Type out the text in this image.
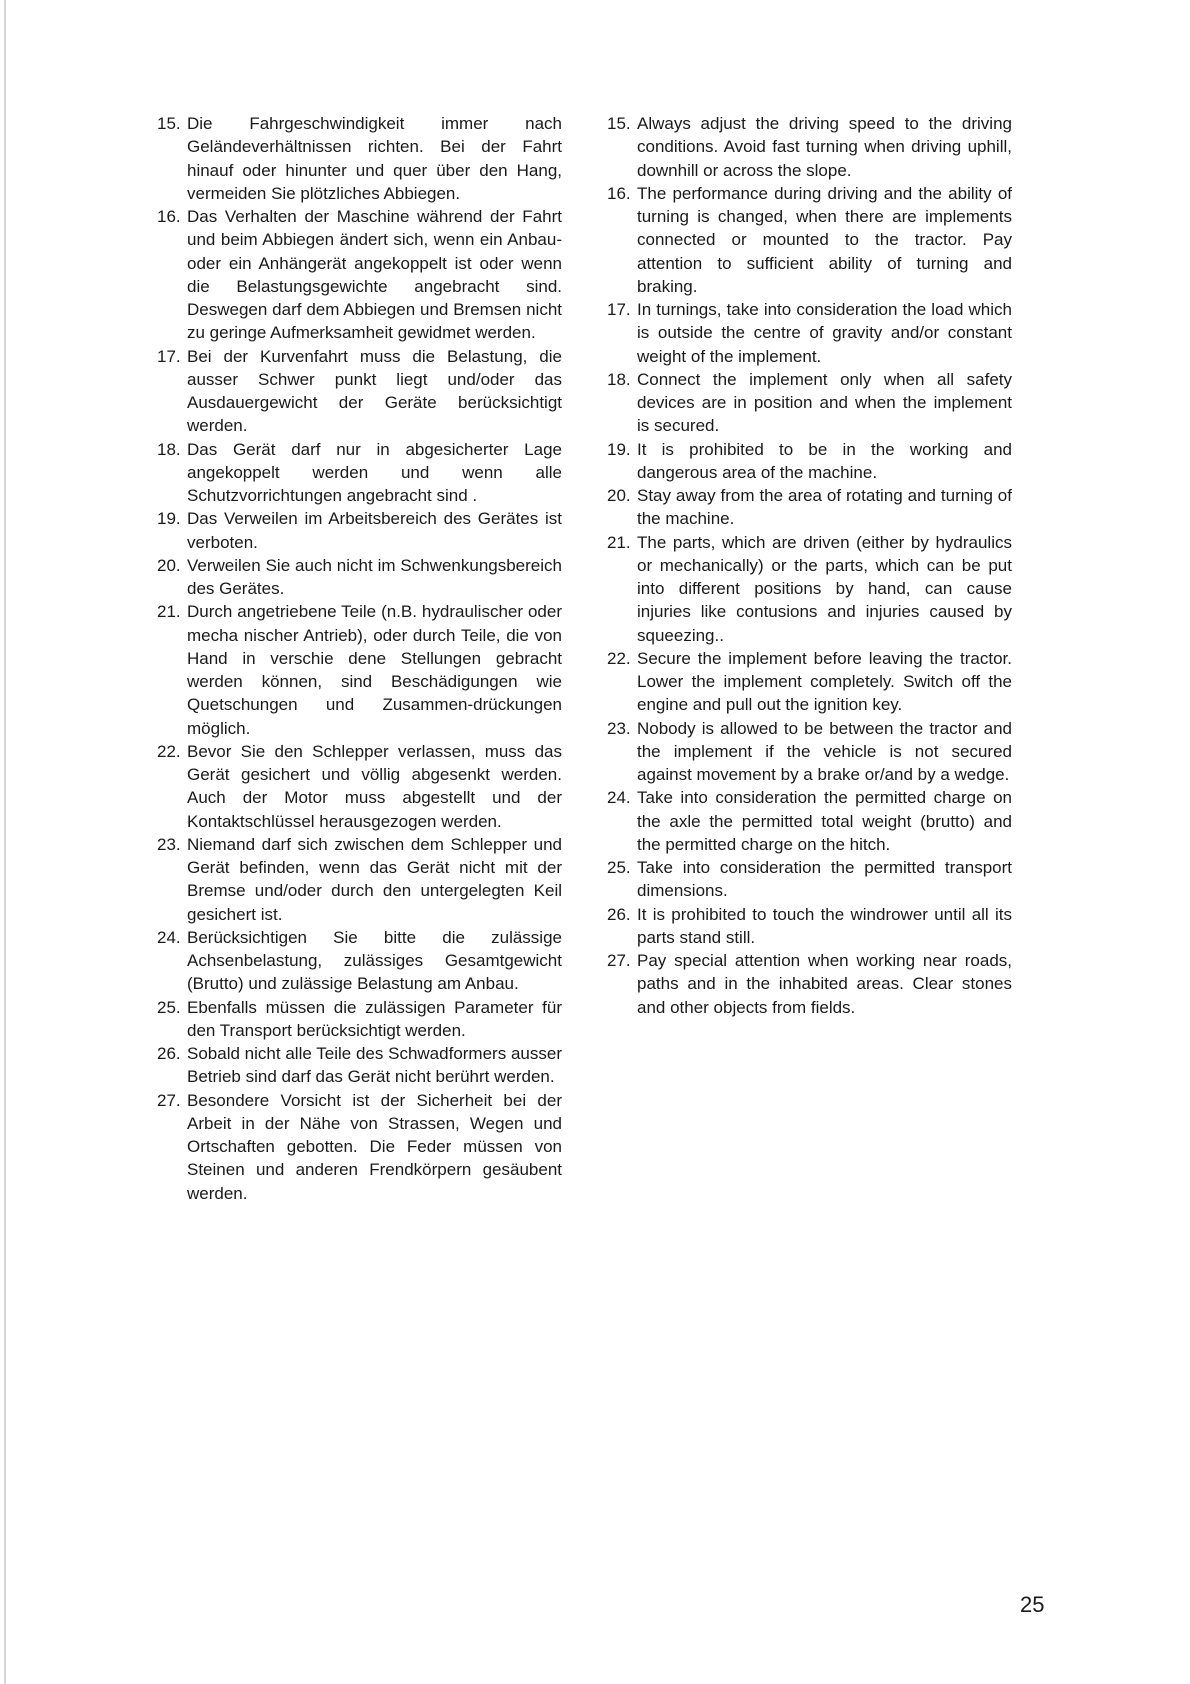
15. Die Fahrgeschwindigkeit immer nach Geländeverhältnissen richten. Bei der Fahrt hinauf oder hinunter und quer über den Hang, vermeiden Sie plötzliches Abbiegen.
16. Das Verhalten der Maschine während der Fahrt und beim Abbiegen ändert sich, wenn ein Anbau- oder ein Anhängerät angekoppelt ist oder wenn die Belastungsgewichte angebracht sind. Deswegen darf dem Abbiegen und Bremsen nicht zu geringe Aufmerksamheit gewidmet werden.
17. Bei der Kurvenfahrt muss die Belastung, die ausser Schwer punkt liegt und/oder das Ausdauergewicht der Geräte berücksichtigt werden.
18. Das Gerät darf nur in abgesicherter Lage angekoppelt werden und wenn alle Schutzvorrichtungen angebracht sind .
19. Das Verweilen im Arbeitsbereich des Gerätes ist verboten.
20. Verweilen Sie auch nicht im Schwenkungsbereich des Gerätes.
21. Durch angetriebene Teile (n.B. hydraulischer oder mecha nischer Antrieb), oder durch Teile, die von Hand in verschie dene Stellungen gebracht werden können, sind Beschädigungen wie Quetschungen und Zusammen-drückungen möglich.
22. Bevor Sie den Schlepper verlassen, muss das Gerät gesichert und völlig abgesenkt werden. Auch der Motor muss abgestellt und der Kontaktschlüssel herausgezogen werden.
23. Niemand darf sich zwischen dem Schlepper und Gerät befinden, wenn das Gerät nicht mit der Bremse und/oder durch den untergelegten Keil gesichert ist.
24. Berücksichtigen Sie bitte die zulässige Achsenbelastung, zulässiges Gesamtgewicht (Brutto) und zulässige Belastung am Anbau.
25. Ebenfalls müssen die zulässigen Parameter für den Transport berücksichtigt werden.
26. Sobald nicht alle Teile des Schwadformers ausser Betrieb sind darf das Gerät nicht berührt werden.
27. Besondere Vorsicht ist der Sicherheit bei der Arbeit in der Nähe von Strassen, Wegen und Ortschaften gebotten. Die Feder müssen von Steinen und anderen Frendkörpern gesäubent werden.
15. Always adjust the driving speed to the driving conditions. Avoid fast turning when driving uphill, downhill or across the slope.
16. The performance during driving and the ability of turning is changed, when there are implements connected or mounted to the tractor. Pay attention to sufficient ability of turning and braking.
17. In turnings, take into consideration the load which is outside the centre of gravity and/or constant weight of the implement.
18. Connect the implement only when all safety devices are in position and when the implement is secured.
19. It is prohibited to be in the working and dangerous area of the machine.
20. Stay away from the area of rotating and turning of the machine.
21. The parts, which are driven (either by hydraulics or mechanically) or the parts, which can be put into different positions by hand, can cause injuries like contusions and injuries caused by squeezing..
22. Secure the implement before leaving the tractor. Lower the implement completely. Switch off the engine and pull out the ignition key.
23. Nobody is allowed to be between the tractor and the implement if the vehicle is not secured against movement by a brake or/and by a wedge.
24. Take into consideration the permitted charge on the axle the permitted total weight (brutto) and the permitted charge on the hitch.
25. Take into consideration the permitted transport dimensions.
26. It is prohibited to touch the windrower until all its parts stand still.
27. Pay special attention when working near roads, paths and in the inhabited areas. Clear stones and other objects from fields.
25
